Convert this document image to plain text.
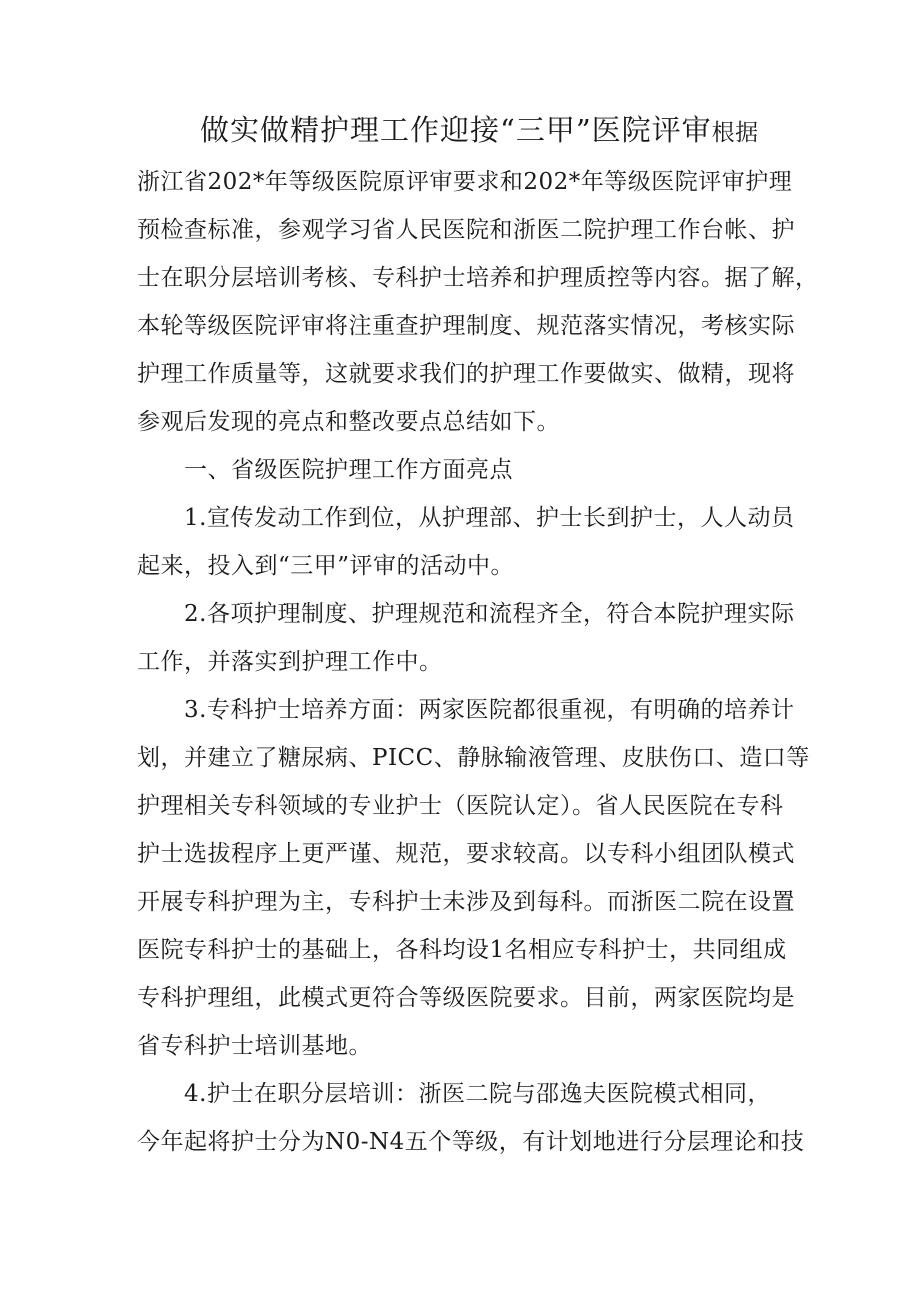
做实做精护理工作迎接“三甲”医院评审根据
浙江省202*年等级医院原评审要求和202*年等级医院评审护理
预检查标准，参观学习省人民医院和浙医二院护理工作台帐、护
士在职分层培训考核、专科护士培养和护理质控等内容。据了解，
本轮等级医院评审将注重查护理制度、规范落实情况，考核实际
护理工作质量等，这就要求我们的护理工作要做实、做精，现将
参观后发现的亮点和整改要点总结如下。
一、省级医院护理工作方面亮点
1.宣传发动工作到位，从护理部、护士长到护士，人人动员
起来，投入到“三甲”评审的活动中。
2.各项护理制度、护理规范和流程齐全，符合本院护理实际
工作，并落实到护理工作中。
3.专科护士培养方面：两家医院都很重视，有明确的培养计
划，并建立了糖尿病、PICC、静脉输液管理、皮肤伤口、造口等
护理相关专科领域的专业护士（医院认定）。省人民医院在专科
护士选拔程序上更严谨、规范，要求较高。以专科小组团队模式
开展专科护理为主，专科护士未涉及到每科。而浙医二院在设置
医院专科护士的基础上，各科均设1名相应专科护士，共同组成
专科护理组，此模式更符合等级医院要求。目前，两家医院均是
省专科护士培训基地。
4.护士在职分层培训：浙医二院与邵逸夫医院模式相同，
今年起将护士分为N0-N4五个等级，有计划地进行分层理论和技
